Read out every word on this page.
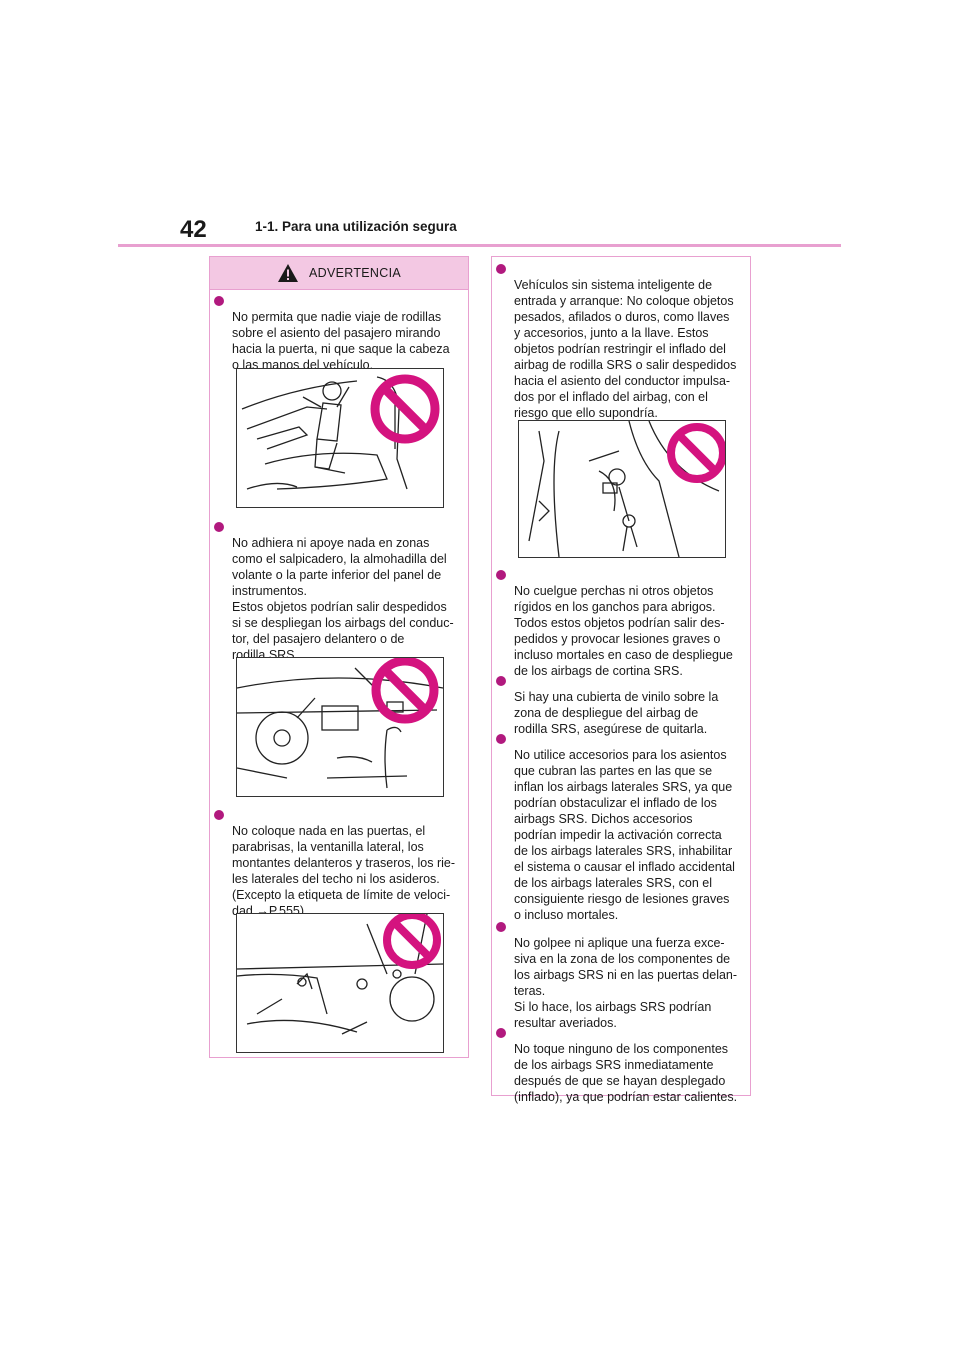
42	1-1. Para una utilización segura
ADVERTENCIA

No permita que nadie viaje de rodillas
sobre el asiento del pasajero mirando
hacia la puerta, ni que saque la cabeza
o las manos del vehículo.

No adhiera ni apoye nada en zonas
como el salpicadero, la almohadilla del
volante o la parte inferior del panel de
instrumentos.
Estos objetos podrían salir despedidos
si se despliegan los airbags del conduc-
tor, del pasajero delantero o de
rodilla SRS.

No coloque nada en las puertas, el
parabrisas, la ventanilla lateral, los
montantes delanteros y traseros, los rie-
les laterales del techo ni los asideros.
(Excepto la etiqueta de límite de veloci-
dad →P.555)

Vehículos sin sistema inteligente de
entrada y arranque: No coloque objetos
pesados, afilados o duros, como llaves
y accesorios, junto a la llave. Estos
objetos podrían restringir el inflado del
airbag de rodilla SRS o salir despedidos
hacia el asiento del conductor impulsa-
dos por el inflado del airbag, con el
riesgo que ello supondría.

No cuelgue perchas ni otros objetos
rígidos en los ganchos para abrigos.
Todos estos objetos podrían salir des-
pedidos y provocar lesiones graves o
incluso mortales en caso de despliegue
de los airbags de cortina SRS.

Si hay una cubierta de vinilo sobre la
zona de despliegue del airbag de
rodilla SRS, asegúrese de quitarla.

No utilice accesorios para los asientos
que cubran las partes en las que se
inflan los airbags laterales SRS, ya que
podrían obstaculizar el inflado de los
airbags SRS. Dichos accesorios
podrían impedir la activación correcta
de los airbags laterales SRS, inhabilitar
el sistema o causar el inflado accidental
de los airbags laterales SRS, con el
consiguiente riesgo de lesiones graves
o incluso mortales.

No golpee ni aplique una fuerza exce-
siva en la zona de los componentes de
los airbags SRS ni en las puertas delan-
teras.
Si lo hace, los airbags SRS podrían
resultar averiados.

No toque ninguno de los componentes
de los airbags SRS inmediatamente
después de que se hayan desplegado
(inflado), ya que podrían estar calientes.
